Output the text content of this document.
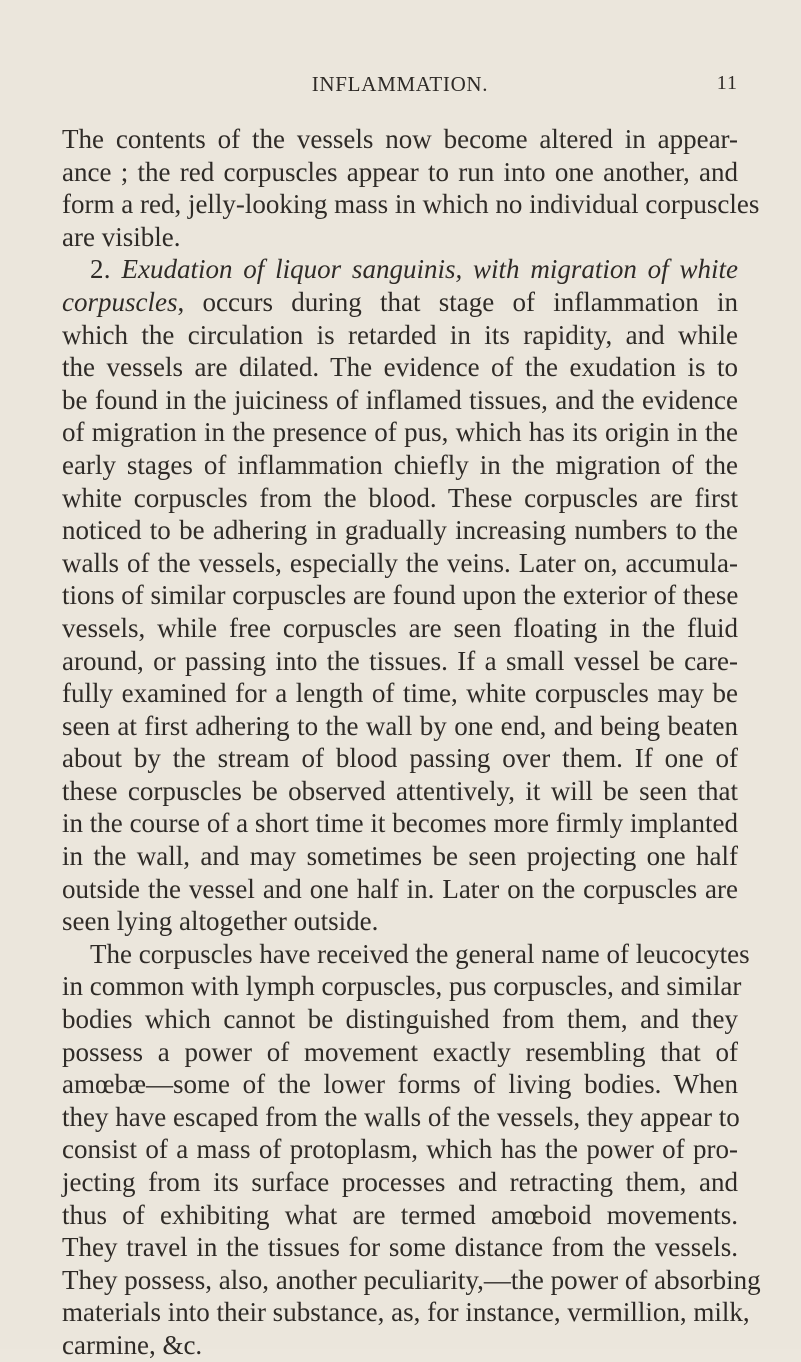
INFLAMMATION.	11
The contents of the vessels now become altered in appear-
ance ; the red corpuscles appear to run into one another, and
form a red, jelly-looking mass in which no individual corpuscles
are visible.
2. Exudation of liquor sanguinis, with migration of white
corpuscles, occurs during that stage of inflammation in
which the circulation is retarded in its rapidity, and while
the vessels are dilated. The evidence of the exudation is to
be found in the juiciness of inflamed tissues, and the evidence
of migration in the presence of pus, which has its origin in the
early stages of inflammation chiefly in the migration of the
white corpuscles from the blood. These corpuscles are first
noticed to be adhering in gradually increasing numbers to the
walls of the vessels, especially the veins. Later on, accumula-
tions of similar corpuscles are found upon the exterior of these
vessels, while free corpuscles are seen floating in the fluid
around, or passing into the tissues. If a small vessel be care-
fully examined for a length of time, white corpuscles may be
seen at first adhering to the wall by one end, and being beaten
about by the stream of blood passing over them. If one of
these corpuscles be observed attentively, it will be seen that
in the course of a short time it becomes more firmly implanted
in the wall, and may sometimes be seen projecting one half
outside the vessel and one half in. Later on the corpuscles are
seen lying altogether outside.
The corpuscles have received the general name of leucocytes
in common with lymph corpuscles, pus corpuscles, and similar
bodies which cannot be distinguished from them, and they
possess a power of movement exactly resembling that of
amœbæ—some of the lower forms of living bodies. When
they have escaped from the walls of the vessels, they appear to
consist of a mass of protoplasm, which has the power of pro-
jecting from its surface processes and retracting them, and
thus of exhibiting what are termed amœboid movements.
They travel in the tissues for some distance from the vessels.
They possess, also, another peculiarity,—the power of absorbing
materials into their substance, as, for instance, vermillion, milk,
carmine, &c.
